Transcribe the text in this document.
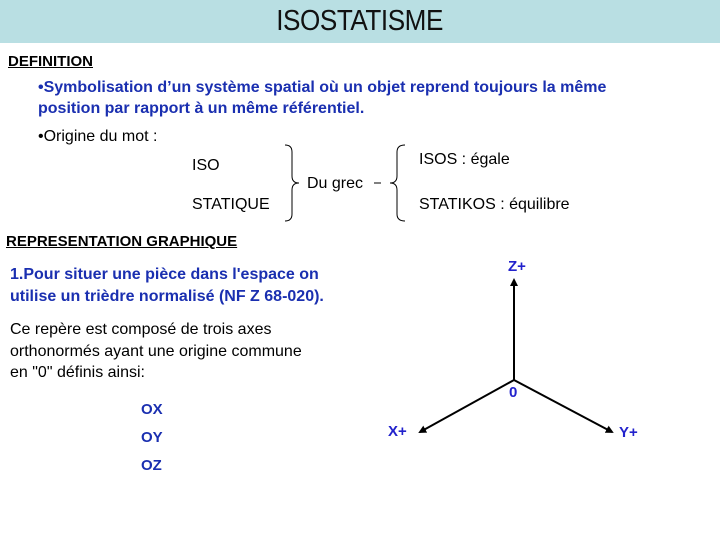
ISOSTATISME
DEFINITION
•Symbolisation d’un système spatial où un objet reprend toujours la même
position par rapport à un même référentiel.
•Origine du mot :
ISO
STATIQUE
Du grec
ISOS : égale
STATIKOS : équilibre
REPRESENTATION GRAPHIQUE
1.Pour situer une pièce dans l'espace on
utilise un trièdre normalisé (NF Z 68-020).
Ce repère est composé de trois axes
orthonormés ayant une origine commune
en "0" définis ainsi:
OX
OY
OZ
Z+
0
X+	Y+
